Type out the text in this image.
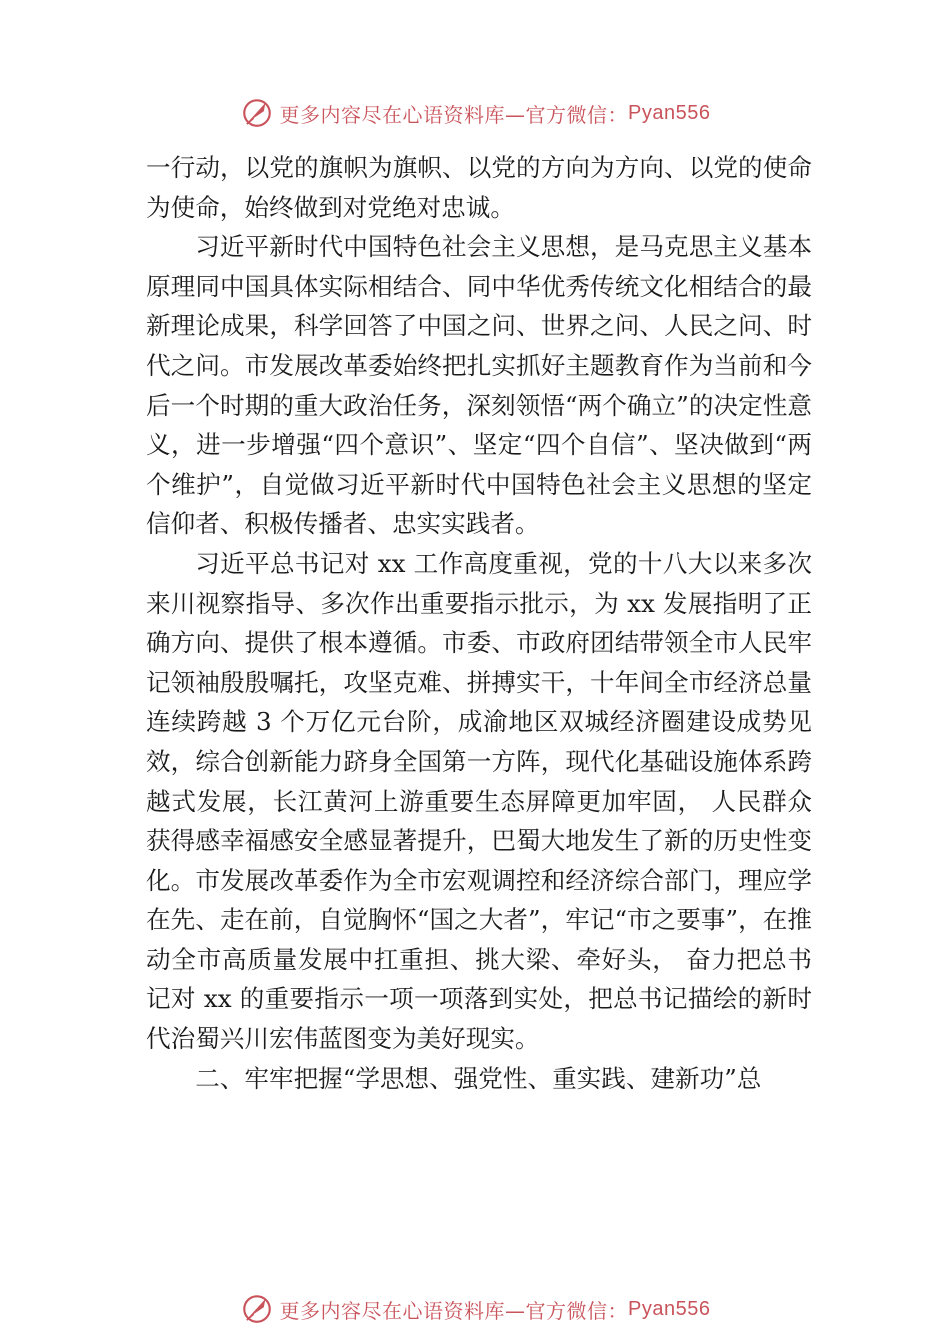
更多内容尽在心语资料库—官方微信： Pyan556

一行动，以党的旗帜为旗帜、以党的方向为方向、以党的使命为使命，始终做到对党绝对忠诚。

习近平新时代中国特色社会主义思想，是马克思主义基本原理同中国具体实际相结合、同中华优秀传统文化相结合的最新理论成果，科学回答了中国之问、世界之问、人民之问、时代之问。市发展改革委始终把扎实抓好主题教育作为当前和今后一个时期的重大政治任务，深刻领悟“两个确立”的决定性意义，进一步增强“四个意识”、坚定“四个自信”、坚决做到“两个维护”，自觉做习近平新时代中国特色社会主义思想的坚定信仰者、积极传播者、忠实实践者。

习近平总书记对 xx 工作高度重视，党的十八大以来多次来川视察指导、多次作出重要指示批示，为 xx 发展指明了正确方向、提供了根本遵循。市委、市政府团结带领全市人民牢记领袖殷殷嘱托，攻坚克难、拼搏实干，十年间全市经济总量连续跨越 3 个万亿元台阶，成渝地区双城经济圈建设成势见效，综合创新能力跻身全国第一方阵，现代化基础设施体系跨越式发展，长江黄河上游重要生态屏障更加牢固， 人民群众获得感幸福感安全感显著提升，巴蜀大地发生了新的历史性变化。市发展改革委作为全市宏观调控和经济综合部门，理应学在先、走在前，自觉胸怀“国之大者”，牢记“市之要事”，在推动全市高质量发展中扛重担、挑大梁、牵好头， 奋力把总书记对 xx 的重要指示一项一项落到实处，把总书记描绘的新时代治蜀兴川宏伟蓝图变为美好现实。

二、牢牢把握“学思想、强党性、重实践、建新功”总

更多内容尽在心语资料库—官方微信： Pyan556
